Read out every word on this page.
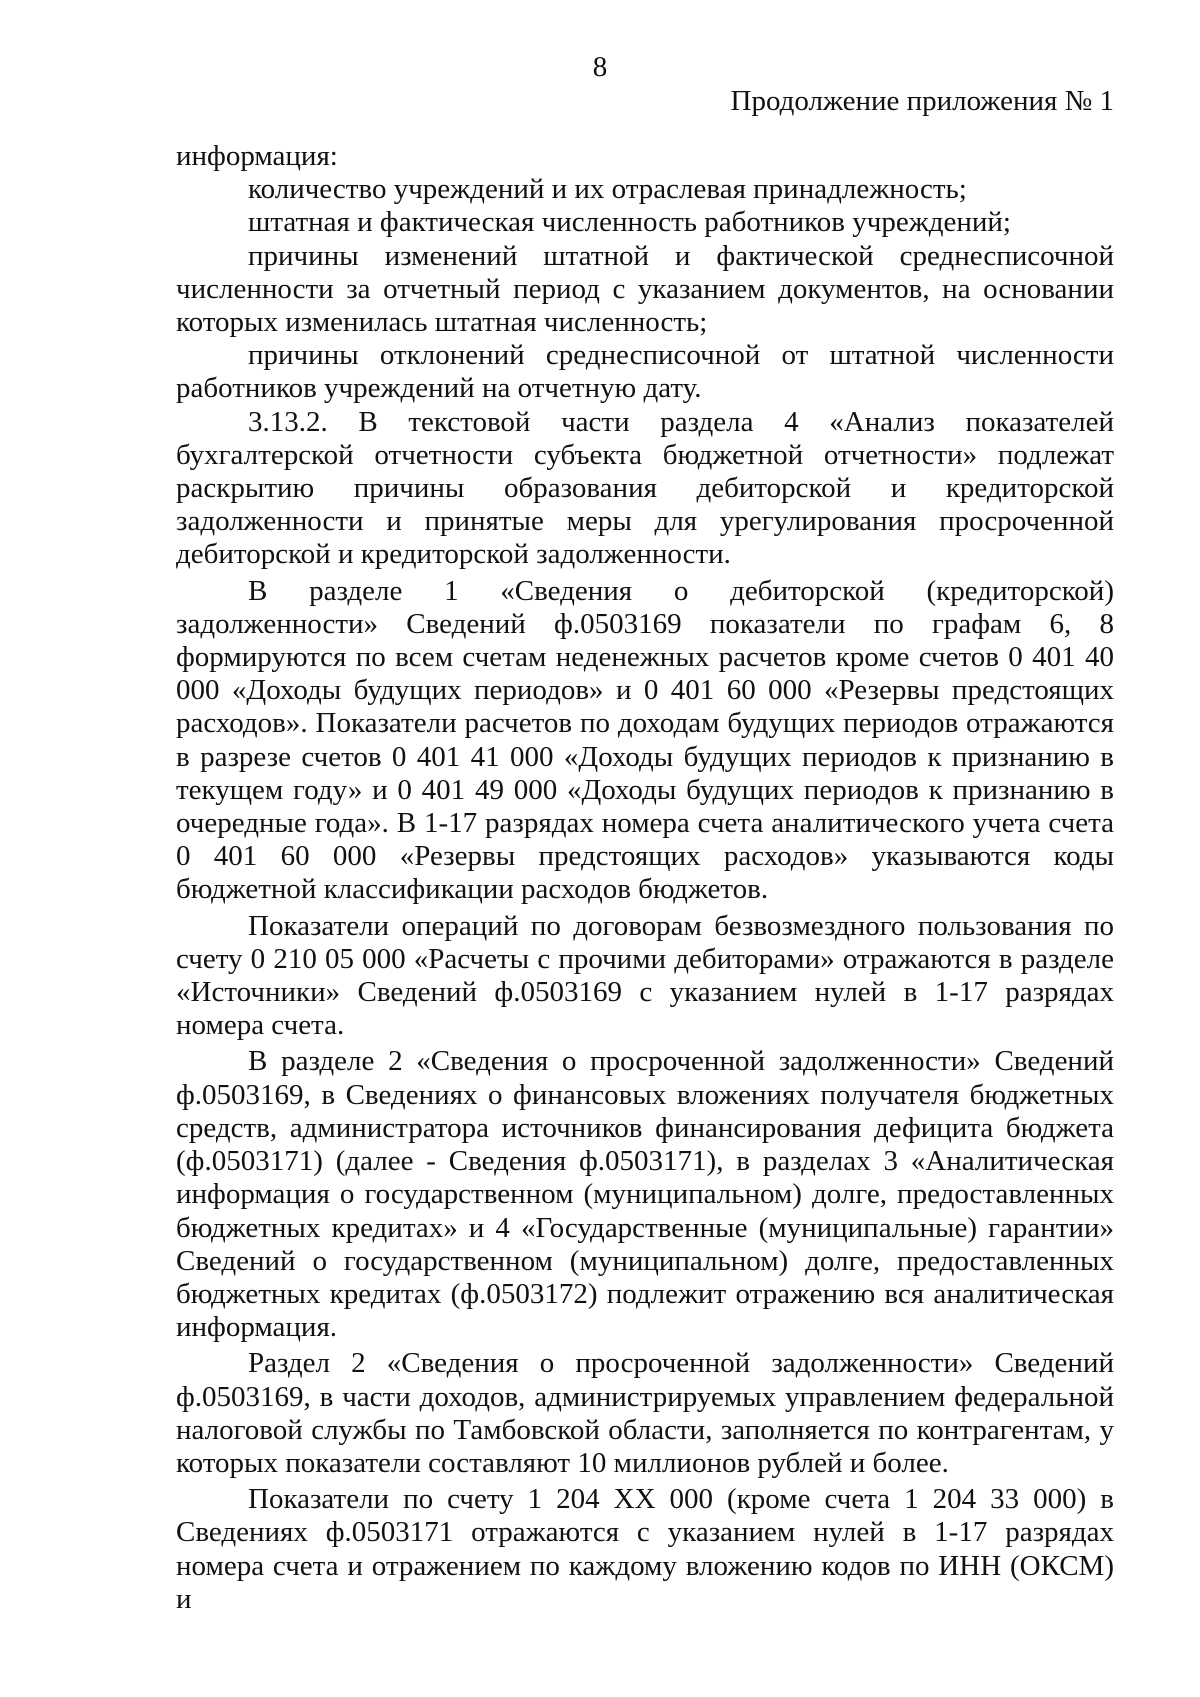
8
Продолжение приложения № 1

информация:

количество учреждений и их отраслевая принадлежность;

штатная и фактическая численность работников учреждений;

причины изменений штатной и фактической среднесписочной численности за отчетный период с указанием документов, на основании которых изменилась штатная численность;

причины отклонений среднесписочной от штатной численности работников учреждений на отчетную дату.

3.13.2. В текстовой части раздела 4 «Анализ показателей бухгалтерской отчетности субъекта бюджетной отчетности» подлежат раскрытию причины образования дебиторской и кредиторской задолженности и принятые меры для урегулирования просроченной дебиторской и кредиторской задолженности.

В разделе 1 «Сведения о дебиторской (кредиторской) задолженности» Сведений ф.0503169 показатели по графам 6, 8 формируются по всем счетам неденежных расчетов кроме счетов 0 401 40 000 «Доходы будущих периодов» и 0 401 60 000 «Резервы предстоящих расходов». Показатели расчетов по доходам будущих периодов отражаются в разрезе счетов 0 401 41 000 «Доходы будущих периодов к признанию в текущем году» и 0 401 49 000 «Доходы будущих периодов к признанию в очередные года». В 1-17 разрядах номера счета аналитического учета счета 0 401 60 000 «Резервы предстоящих расходов» указываются коды бюджетной классификации расходов бюджетов.

Показатели операций по договорам безвозмездного пользования по счету 0 210 05 000 «Расчеты с прочими дебиторами» отражаются в разделе «Источники» Сведений ф.0503169 с указанием нулей в 1-17 разрядах номера счета.

В разделе 2 «Сведения о просроченной задолженности» Сведений ф.0503169, в Сведениях о финансовых вложениях получателя бюджетных средств, администратора источников финансирования дефицита бюджета (ф.0503171) (далее - Сведения ф.0503171), в разделах 3 «Аналитическая информация о государственном (муниципальном) долге, предоставленных бюджетных кредитах» и 4 «Государственные (муниципальные) гарантии» Сведений о государственном (муниципальном) долге, предоставленных бюджетных кредитах (ф.0503172) подлежит отражению вся аналитическая информация.

Раздел 2 «Сведения о просроченной задолженности» Сведений ф.0503169, в части доходов, администрируемых управлением федеральной налоговой службы по Тамбовской области, заполняется по контрагентам, у которых показатели составляют 10 миллионов рублей и более.

Показатели по счету 1 204 XX 000 (кроме счета 1 204 33 000) в Сведениях ф.0503171 отражаются с указанием нулей в 1-17 разрядах номера счета и отражением по каждому вложению кодов по ИНН (ОКСМ) и
